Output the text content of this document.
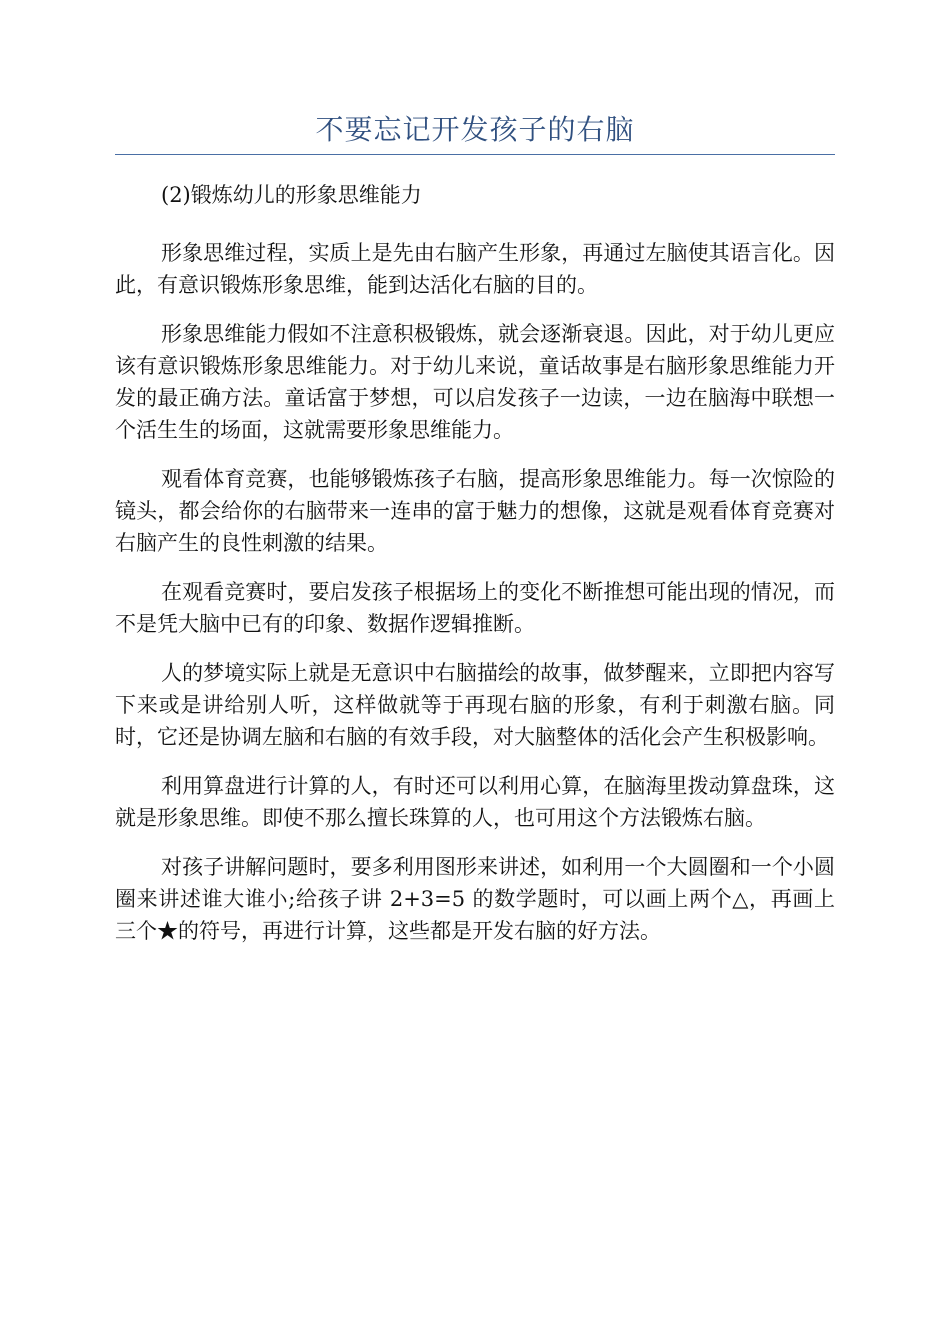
不要忘记开发孩子的右脑

(2)锻炼幼儿的形象思维能力

形象思维过程，实质上是先由右脑产生形象，再通过左脑使其语言化。因此，有意识锻炼形象思维，能到达活化右脑的目的。

形象思维能力假如不注意积极锻炼，就会逐渐衰退。因此，对于幼儿更应该有意识锻炼形象思维能力。对于幼儿来说，童话故事是右脑形象思维能力开发的最正确方法。童话富于梦想，可以启发孩子一边读，一边在脑海中联想一个活生生的场面，这就需要形象思维能力。

观看体育竞赛，也能够锻炼孩子右脑，提高形象思维能力。每一次惊险的镜头，都会给你的右脑带来一连串的富于魅力的想像，这就是观看体育竞赛对右脑产生的良性刺激的结果。

在观看竞赛时，要启发孩子根据场上的变化不断推想可能出现的情况，而不是凭大脑中已有的印象、数据作逻辑推断。

人的梦境实际上就是无意识中右脑描绘的故事，做梦醒来，立即把内容写下来或是讲给别人听，这样做就等于再现右脑的形象，有利于刺激右脑。同时，它还是协调左脑和右脑的有效手段，对大脑整体的活化会产生积极影响。

利用算盘进行计算的人，有时还可以利用心算，在脑海里拨动算盘珠，这就是形象思维。即使不那么擅长珠算的人，也可用这个方法锻炼右脑。

对孩子讲解问题时，要多利用图形来讲述，如利用一个大圆圈和一个小圆圈来讲述谁大谁小;给孩子讲 2+3=5 的数学题时，可以画上两个△，再画上三个★的符号，再进行计算，这些都是开发右脑的好方法。
